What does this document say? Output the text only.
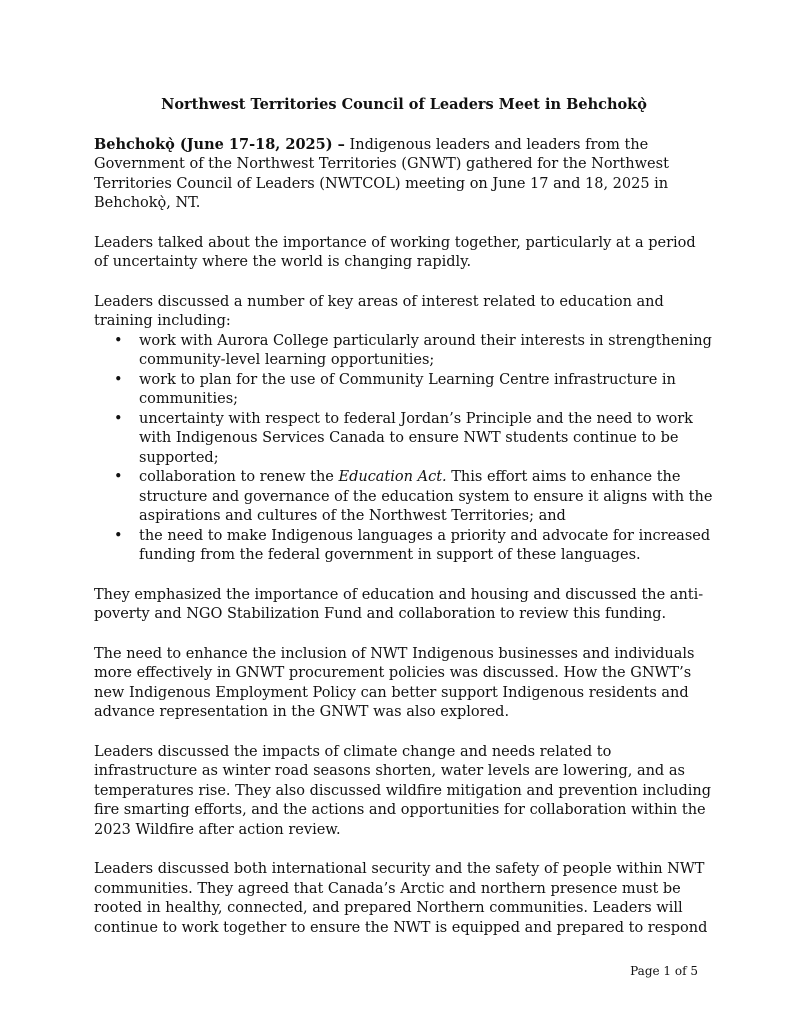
Northwest Territories Council of Leaders Meet in Behchokǫ̀

Behchokǫ̀ (June 17-18, 2025) – Indigenous leaders and leaders from the Government of the Northwest Territories (GNWT) gathered for the Northwest Territories Council of Leaders (NWTCOL) meeting on June 17 and 18, 2025 in Behchokǫ̀, NT.

Leaders talked about the importance of working together, particularly at a period of uncertainty where the world is changing rapidly.

Leaders discussed a number of key areas of interest related to education and training including:
• work with Aurora College particularly around their interests in strengthening community-level learning opportunities;
• work to plan for the use of Community Learning Centre infrastructure in communities;
• uncertainty with respect to federal Jordan’s Principle and the need to work with Indigenous Services Canada to ensure NWT students continue to be supported;
• collaboration to renew the Education Act. This effort aims to enhance the structure and governance of the education system to ensure it aligns with the aspirations and cultures of the Northwest Territories; and
• the need to make Indigenous languages a priority and advocate for increased funding from the federal government in support of these languages.

They emphasized the importance of education and housing and discussed the anti-poverty and NGO Stabilization Fund and collaboration to review this funding.

The need to enhance the inclusion of NWT Indigenous businesses and individuals more effectively in GNWT procurement policies was discussed. How the GNWT’s new Indigenous Employment Policy can better support Indigenous residents and advance representation in the GNWT was also explored.

Leaders discussed the impacts of climate change and needs related to infrastructure as winter road seasons shorten, water levels are lowering, and as temperatures rise. They also discussed wildfire mitigation and prevention including fire smarting efforts, and the actions and opportunities for collaboration within the 2023 Wildfire after action review.

Leaders discussed both international security and the safety of people within NWT communities. They agreed that Canada’s Arctic and northern presence must be rooted in healthy, connected, and prepared Northern communities. Leaders will continue to work together to ensure the NWT is equipped and prepared to respond

Page 1 of 5
